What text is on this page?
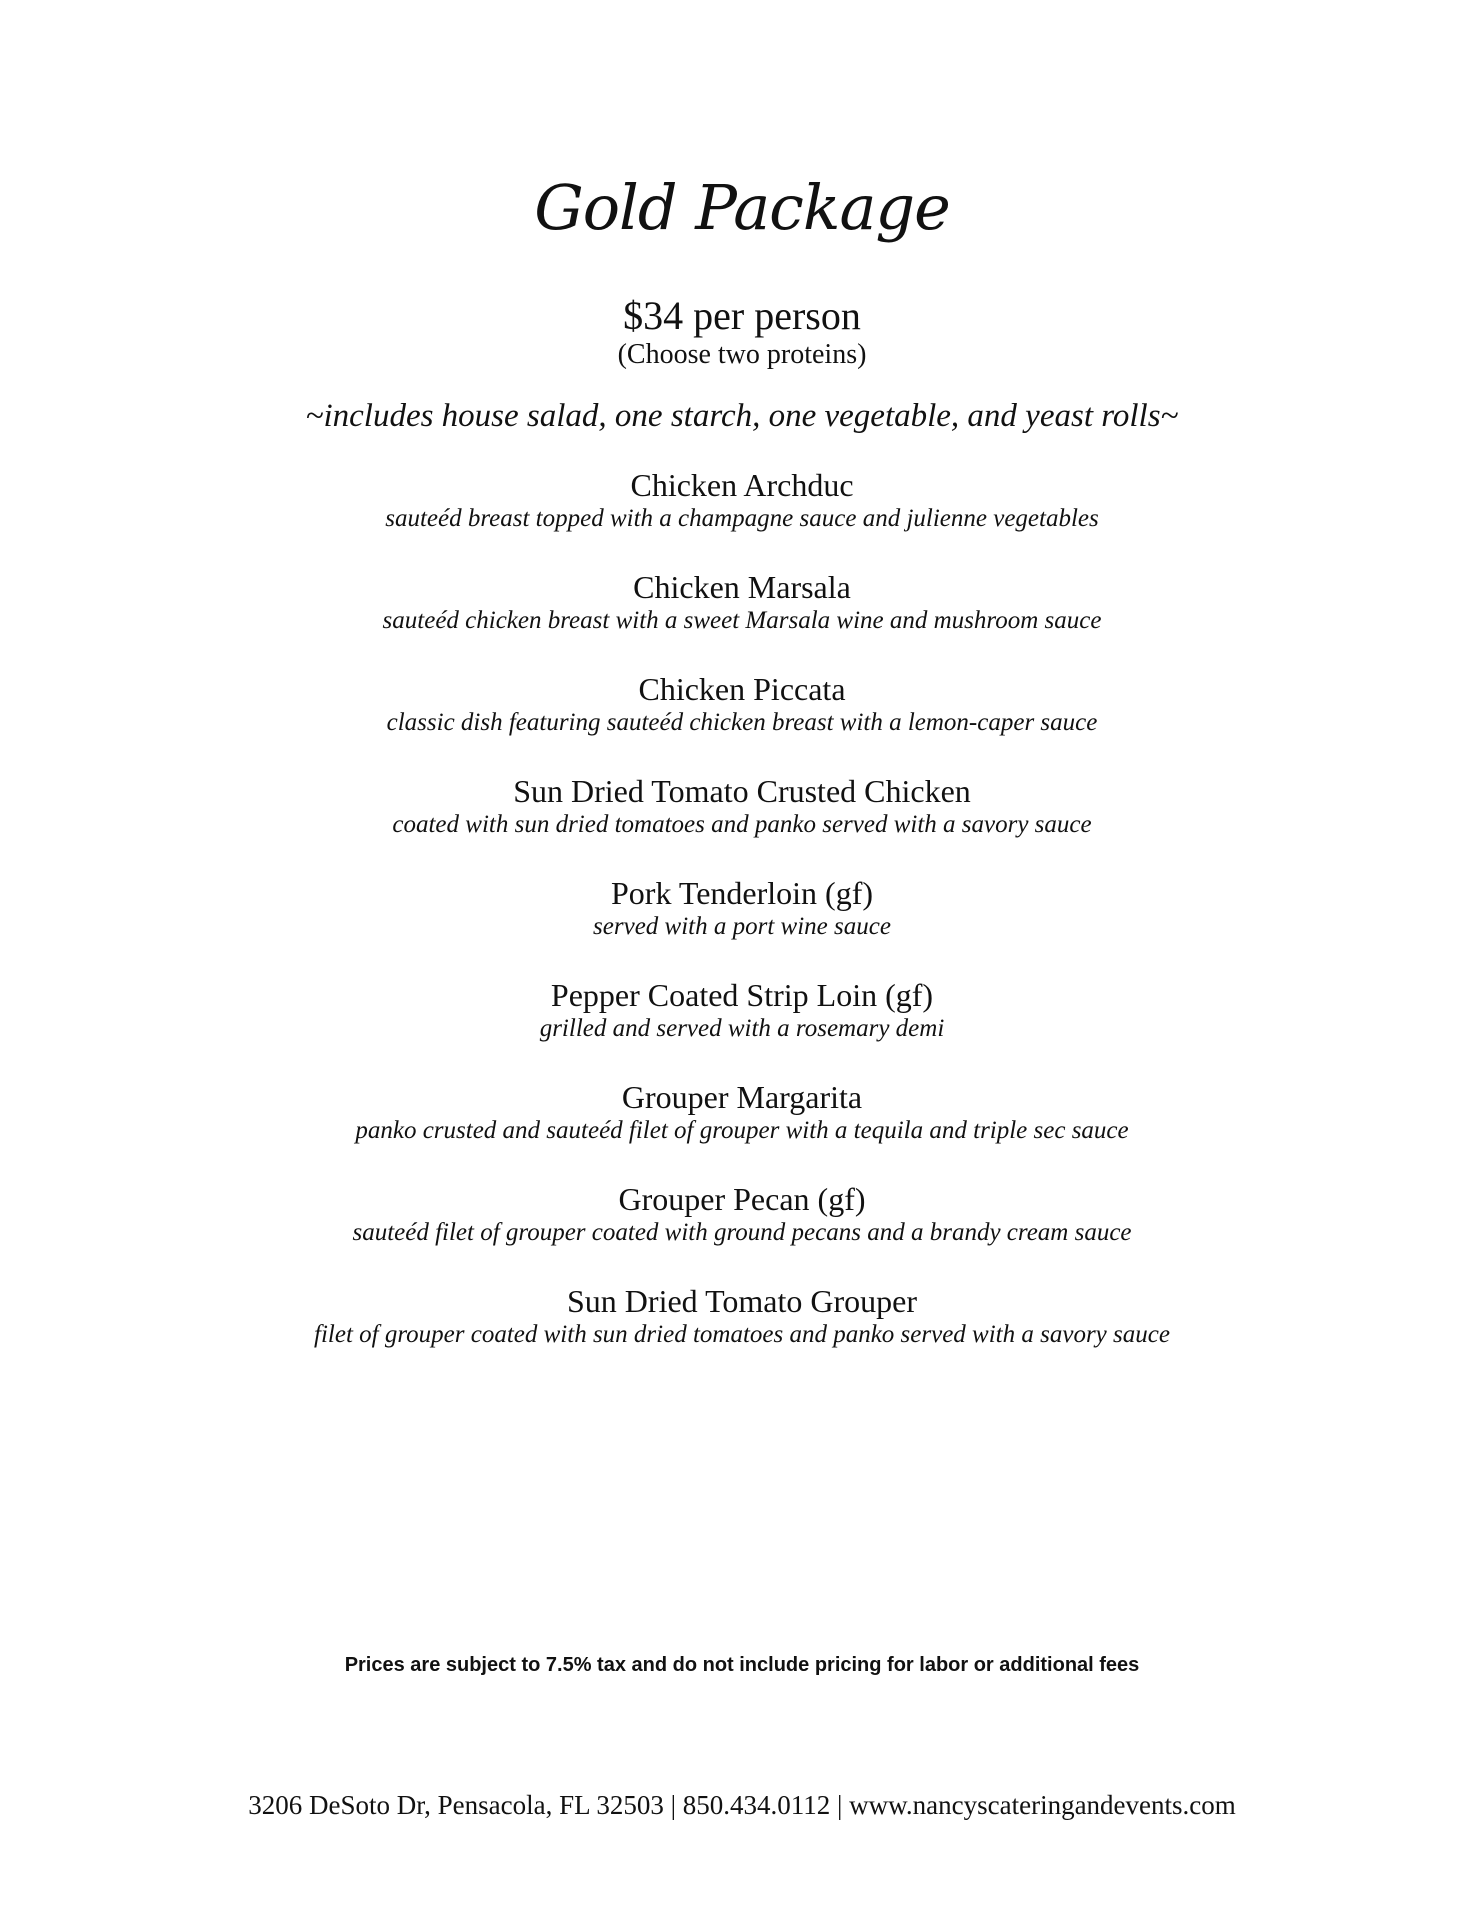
Gold Package
$34 per person
(Choose two proteins)
~includes house salad, one starch, one vegetable, and yeast rolls~
Chicken Archduc
sauteéd breast topped with a champagne sauce and julienne vegetables
Chicken Marsala
sauteéd chicken breast with a sweet Marsala wine and mushroom sauce
Chicken Piccata
classic dish featuring sauteéd chicken breast with a lemon-caper sauce
Sun Dried Tomato Crusted Chicken
coated with sun dried tomatoes and panko served with a savory sauce
Pork Tenderloin (gf)
served with a port wine sauce
Pepper Coated Strip Loin (gf)
grilled and served with a rosemary demi
Grouper Margarita
panko crusted and sauteéd filet of grouper with a tequila and triple sec sauce
Grouper Pecan (gf)
sauteéd filet of grouper coated with ground pecans and a brandy cream sauce
Sun Dried Tomato Grouper
filet of grouper coated with sun dried tomatoes and panko served with a savory sauce
Prices are subject to 7.5% tax and do not include pricing for labor or additional fees
3206 DeSoto Dr, Pensacola, FL 32503 | 850.434.0112 | www.nancyscateringandevents.com
